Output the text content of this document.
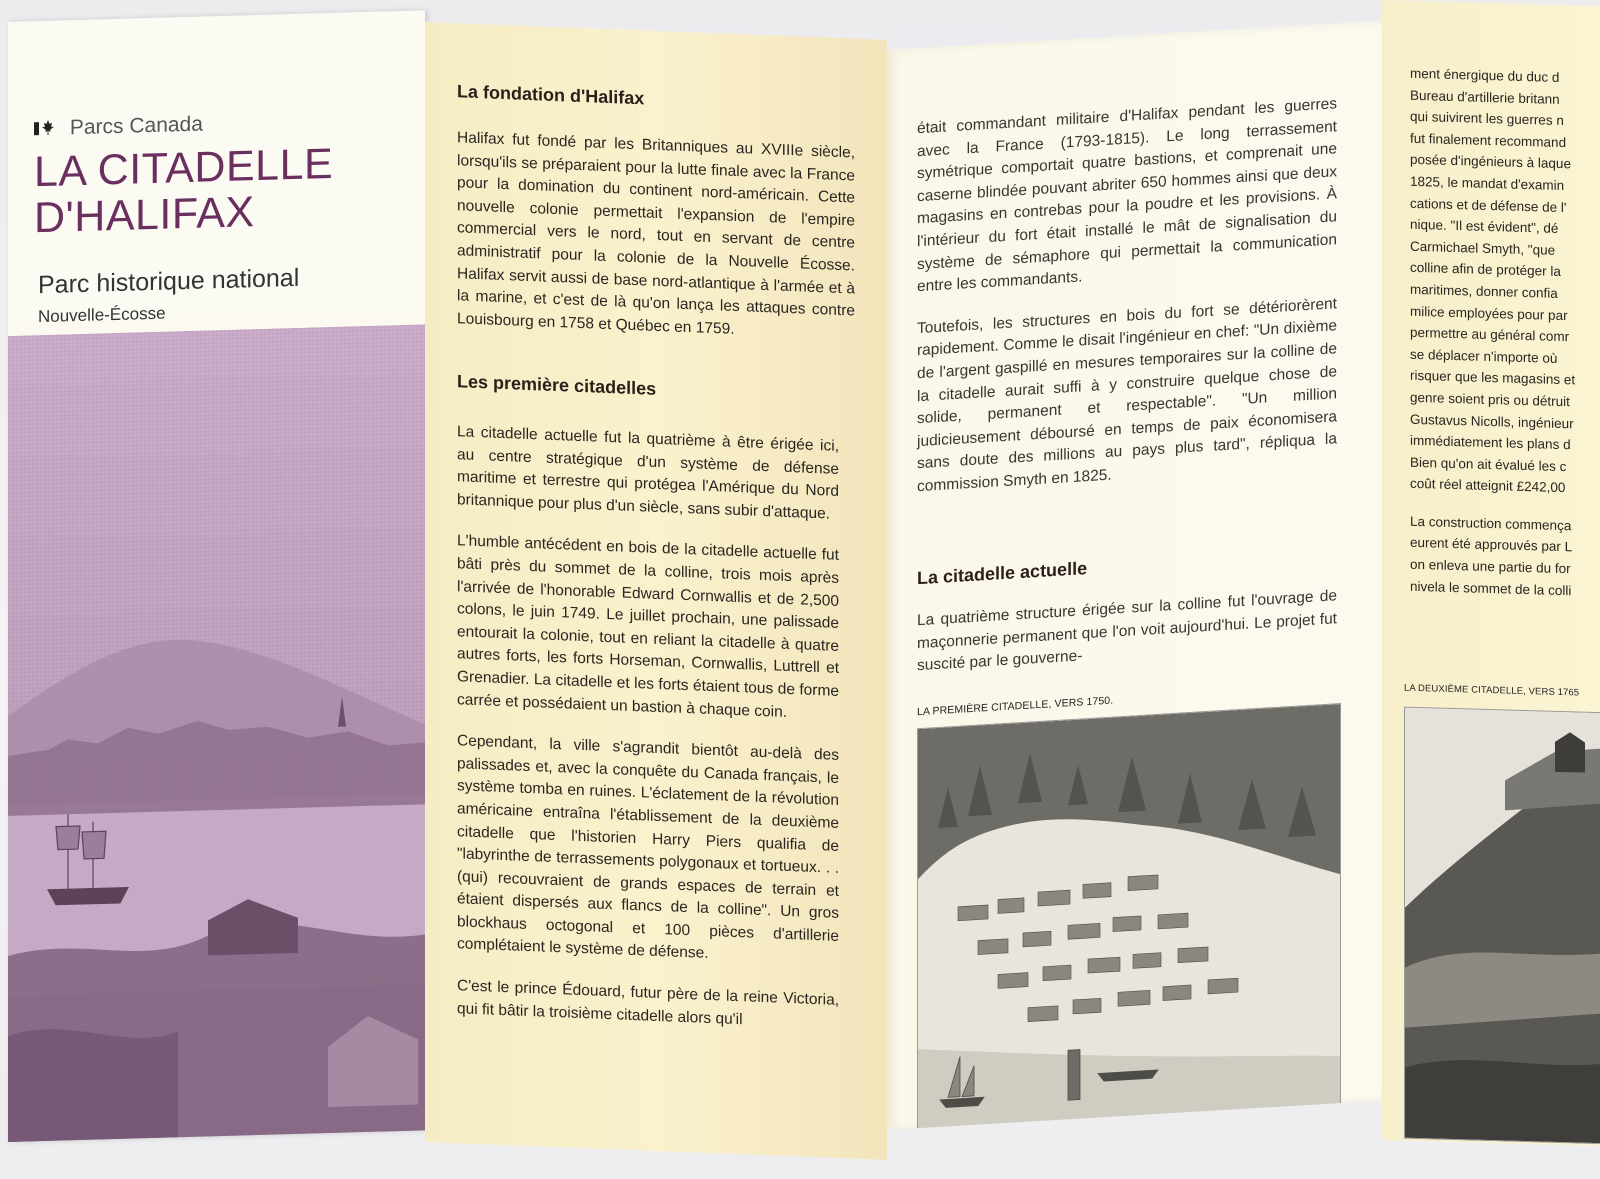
Parcs Canada
LA CITADELLE
D'HALIFAX
Parc historique national
Nouvelle-Écosse
La fondation d'Halifax

Halifax fut fondé par les Britanniques au XVIIIe siècle, lorsqu'ils se préparaient pour la lutte finale avec la France pour la domination du continent nord-américain. Cette nouvelle colonie permettait l'expansion de l'empire commercial vers le nord, tout en servant de centre administratif pour la colonie de la Nouvelle Écosse. Halifax servit aussi de base nord-atlantique à l'armée et à la marine, et c'est de là qu'on lança les attaques contre Louisbourg en 1758 et Québec en 1759.

Les première citadelles

La citadelle actuelle fut la quatrième à être érigée ici, au centre stratégique d'un système de défense maritime et terrestre qui protégea l'Amérique du Nord britannique pour plus d'un siècle, sans subir d'attaque.

L'humble antécédent en bois de la citadelle actuelle fut bâti près du sommet de la colline, trois mois après l'arrivée de l'honorable Edward Cornwallis et de 2,500 colons, le juin 1749. Le juillet prochain, une palissade entourait la colonie, tout en reliant la citadelle à quatre autres forts, les forts Horseman, Cornwallis, Luttrell et Grenadier. La citadelle et les forts étaient tous de forme carrée et possédaient un bastion à chaque coin.

Cependant, la ville s'agrandit bientôt au-delà des palissades et, avec la conquête du Canada français, le système tomba en ruines. L'éclatement de la révolution américaine entraîna l'établissement de la deuxième citadelle que l'historien Harry Piers qualifia de "labyrinthe de terrassements polygonaux et tortueux. . . (qui) recouvraient de grands espaces de terrain et étaient dispersés aux flancs de la colline". Un gros blockhaus octogonal et 100 pièces d'artillerie complétaient le système de défense.

C'est le prince Édouard, futur père de la reine Victoria, qui fit bâtir la troisième citadelle alors qu'il

était commandant militaire d'Halifax pendant les guerres avec la France (1793-1815). Le long terrassement symétrique comportait quatre bastions, et comprenait une caserne blindée pouvant abriter 650 hommes ainsi que deux magasins en contrebas pour la poudre et les provisions. À l'intérieur du fort était installé le mât de signalisation du système de sémaphore qui permettait la communication entre les commandants.

Toutefois, les structures en bois du fort se détériorèrent rapidement. Comme le disait l'ingénieur en chef: "Un dixième de l'argent gaspillé en mesures temporaires sur la colline de la citadelle aurait suffi à y construire quelque chose de solide, permanent et respectable". "Un million judicieusement déboursé en temps de paix économisera sans doute des millions au pays plus tard", répliqua la commission Smyth en 1825.

La citadelle actuelle

La quatrième structure érigée sur la colline fut l'ouvrage de maçonnerie permanent que l'on voit aujourd'hui. Le projet fut suscité par le gouverne-

LA PREMIÈRE CITADELLE, VERS 1750.
ment énergique du duc d
Bureau d'artillerie britann
qui suivirent les guerres n
fut finalement recommand
posée d'ingénieurs à laque
1825, le mandat d'examin
cations et de défense de l'
nique. "Il est évident", dé
Carmichael Smyth, "que
colline afin de protéger la
maritimes, donner confia
milice employées pour par
permettre au général comr
se déplacer n'importe où
risquer que les magasins et
genre soient pris ou détruit
Gustavus Nicolls, ingénieur
immédiatement les plans d
Bien qu'on ait évalué les c
coût réel atteignit £242,00
La construction commença
eurent été approuvés par L
on enleva une partie du for
nivela le sommet de la colli
LA DEUXIÈME CITADELLE, VERS 1765
